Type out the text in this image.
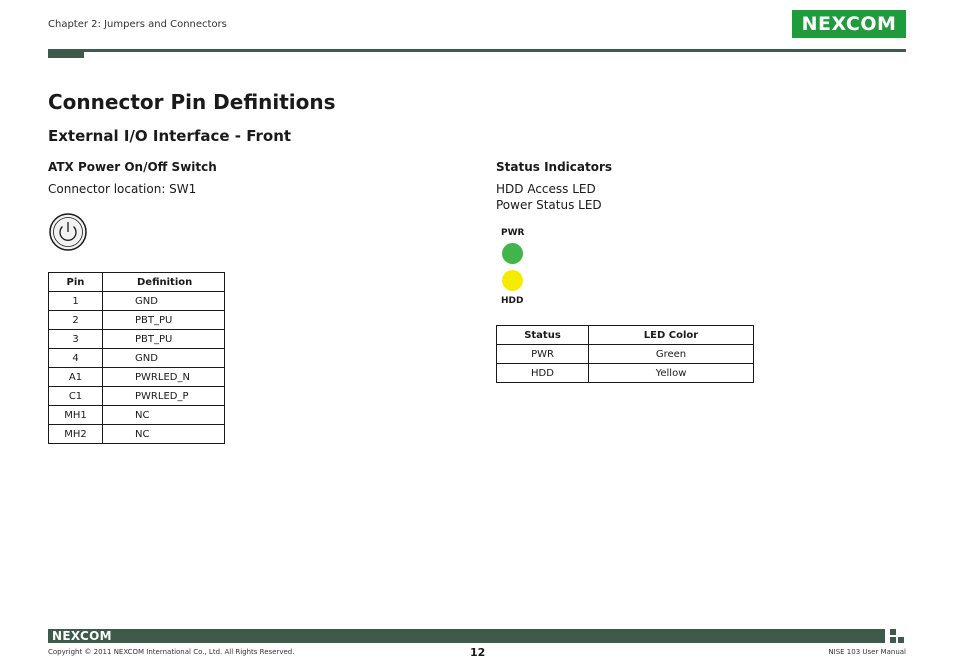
Chapter 2: Jumpers and Connectors	NEXCOM
Connector Pin Definitions
External I/O Interface - Front
ATX Power On/Off Switch
Connector location: SW1
Pin	Definition
1	GND
2	PBT_PU
3	PBT_PU
4	GND
A1	PWRLED_N
C1	PWRLED_P
MH1	NC
MH2	NC
Status Indicators
HDD Access LED
Power Status LED
PWR
HDD
Status	LED Color
PWR	Green
HDD	Yellow
NEXCOM
Copyright © 2011 NEXCOM International Co., Ltd. All Rights Reserved.	12	NISE 103 User Manual
